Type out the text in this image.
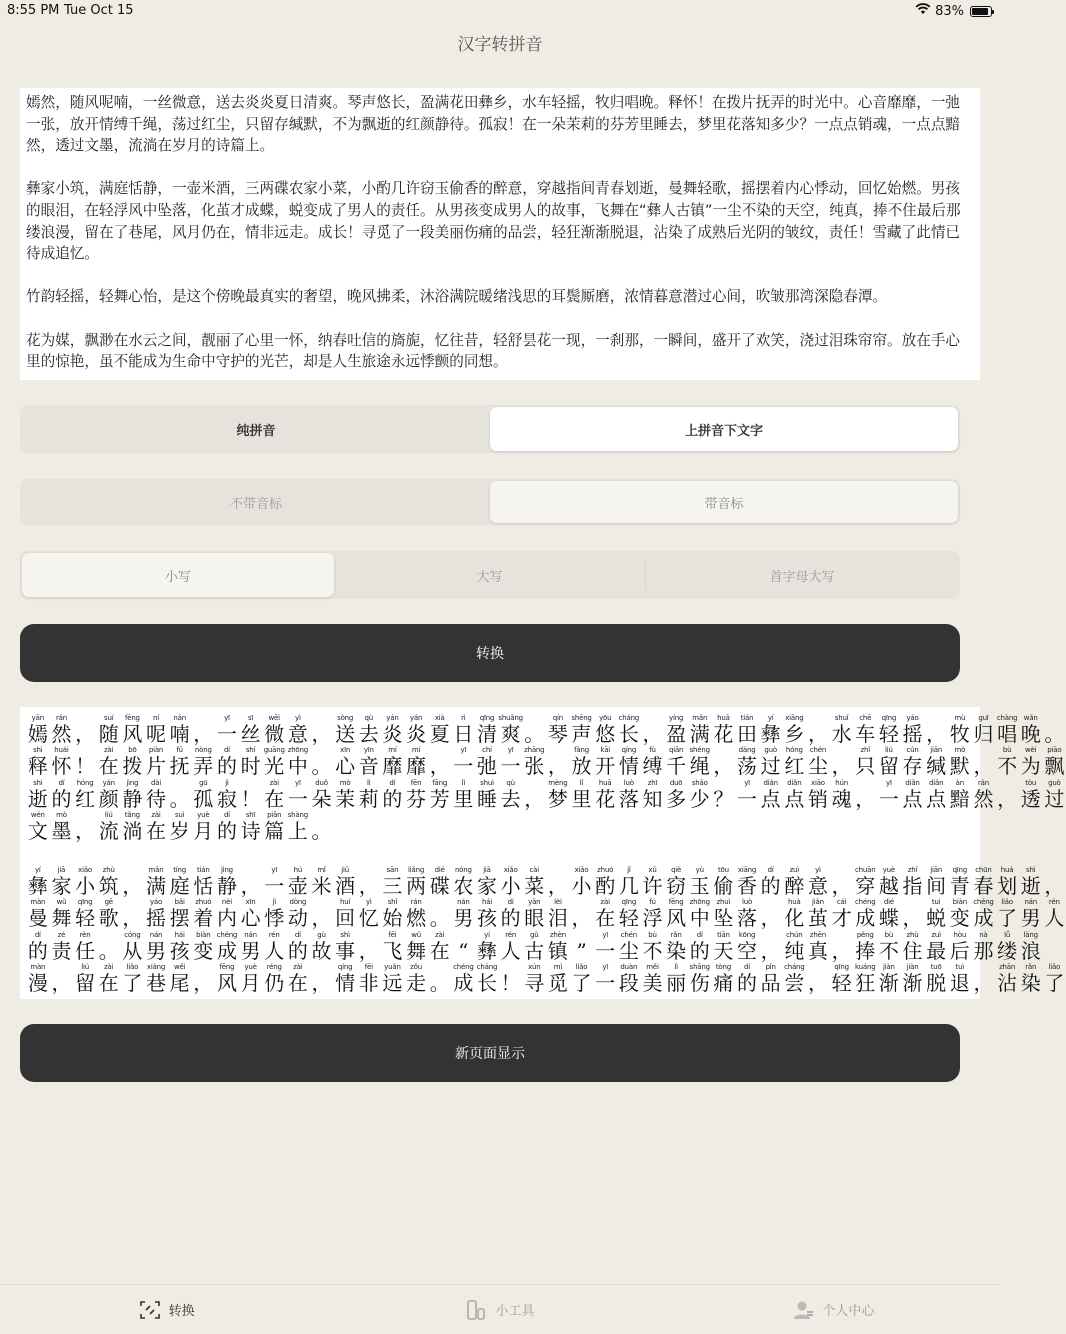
8:55 PM Tue Oct 15	83%
汉字转拼音

嫣然，随风呢喃，一丝微意，送去炎炎夏日清爽。琴声悠长，盈满花田彝乡，水车轻摇，牧归唱晚。释怀！在拨片抚弄的时光中。心音靡靡，一弛一张，放开情缚千绳，荡过红尘，只留存缄默，不为飘逝的红颜静待。孤寂！在一朵茉莉的芬芳里睡去，梦里花落知多少？一点点销魂，一点点黯然，透过文墨，流淌在岁月的诗篇上。

彝家小筑，满庭恬静，一壶米酒，三两碟农家小菜，小酌几许窃玉偷香的醉意，穿越指间青春划逝，曼舞轻歌，摇摆着内心悸动，回忆始燃。男孩的眼泪，在轻浮风中坠落，化茧才成蝶，蜕变成了男人的责任。从男孩变成男人的故事，飞舞在“彝人古镇”一尘不染的天空，纯真，捧不住最后那缕浪漫，留在了巷尾，风月仍在，情非远走。成长！寻觅了一段美丽伤痛的品尝，轻狂渐渐脱退，沾染了成熟后光阴的皱纹，责任！雪藏了此情已待成追忆。

竹韵轻摇，轻舞心怡，是这个傍晚最真实的奢望，晚风拂柔，沐浴满院暖绪浅思的耳鬓厮磨，浓情暮意潜过心间，吹皱那湾深隐春潭。

花为媒，飘渺在水云之间，靓丽了心里一怀，纳春吐信的旖旎，忆往昔，轻舒昙花一现，一刹那，一瞬间，盛开了欢笑，浇过泪珠帘帘。放在手心里的惊艳，虽不能成为生命中守护的光芒，却是人生旅途永远悸颤的同想。

纯拼音	上拼音下文字
不带音标	带音标
小写	大写	首字母大写
转换
yān
嫣
rán
然 ，
suí
随
fēng
风
ní
呢
nán
喃 ，
yī
一
sī
丝
wēi
微
yì
意 ，
sòng
送
qù
去
yán
炎
yán
炎
xià
夏
rì
日
qīng
清
shuǎng
爽 。
qín
琴
shēng
声
yōu
悠
cháng
长 ，
yíng
盈
mǎn
满
huā
花
tián
田
yí
彝
xiāng
乡 ，
shuǐ
水
chē
车
qīng
轻
yáo
摇 ，
mù
牧
guī
归
chàng
唱
wǎn
晚 。
shì
释
huái
怀 ！
zài
在
bō
拨
piàn
片
fǔ
抚
nòng
弄
dí
的
shí
时
guāng
光
zhōng
中 。
xīn
心
yīn
音
mí
靡
mí
靡 ，
yī
一
chí
弛
yī
一
zhāng
张 ，
fàng
放
kāi
开
qíng
情
fù
缚
qiān
千
shéng
绳 ，
dàng
荡
guò
过
hóng
红
chén
尘 ，
zhǐ
只
liú
留
cún
存
jiān
缄
mò
默 ，
bù
不
wèi
为
piāo
飘
shì
逝
dí
的
hóng
红
yán
颜
jìng
静
dài
待 。
gū
孤
jì
寂 ！
zài
在
yī
一
duǒ
朵
mò
茉
lì
莉
dí
的
fēn
芬
fāng
芳
lǐ
里
shuì
睡
qù
去 ，
mèng
梦
lǐ
里
huā
花
luò
落
zhī
知
duō
多
shǎo
少 ？
yī
一
diǎn
点
diǎn
点
xiāo
销
hún
魂 ，
yī
一
diǎn
点
diǎn
点
àn
黯
rán
然 ，
tòu
透
guò
过
wén
文
mò
墨 ，
liú
流
tǎng
淌
zài
在
suì
岁
yuè
月
dí
的
shī
诗
piān
篇
shàng
上 。
yí
彝
jiā
家
xiǎo
小
zhù
筑 ，
mǎn
满
tíng
庭
tián
恬
jìng
静 ，
yī
一
hú
壶
mǐ
米
jiǔ
酒 ，
sān
三
liǎng
两
dié
碟
nóng
农
jiā
家
xiǎo
小
cài
菜 ，
xiǎo
小
zhuó
酌
jǐ
几
xǔ
许
qiè
窃
yù
玉
tōu
偷
xiāng
香
dí
的
zuì
醉
yì
意 ，
chuān
穿
yuè
越
zhǐ
指
jiān
间
qīng
青
chūn
春
huá
划
shì
逝 ，
màn
曼
wǔ
舞
qīng
轻
gē
歌 ，
yáo
摇
bǎi
摆
zhuó
着
nèi
内
xīn
心
jì
悸
dòng
动 ，
huí
回
yì
忆
shǐ
始
rán
燃 。
nán
男
hái
孩
dí
的
yǎn
眼
lèi
泪 ，
zài
在
qīng
轻
fú
浮
fēng
风
zhōng
中
zhuì
坠
luò
落 ，
huà
化
jiǎn
茧
cái
才
chéng
成
dié
蝶 ，
tuì
蜕
biàn
变
chéng
成
liǎo
了
nán
男
rén
人
dí
的
zé
责
rèn
任 。
cóng
从
nán
男
hái
孩
biàn
变
chéng
成
nán
男
rén
人
dí
的
gù
故
shì
事 ，
fēi
飞
wǔ
舞
zài
在 “
yí
彝
rén
人
gǔ
古
zhèn
镇 ”
yī
一
chén
尘
bù
不
rǎn
染
dí
的
tiān
天
kōng
空 ，
chún
纯
zhēn
真 ，
pěng
捧
bù
不
zhù
住
zuì
最
hòu
后
nà
那
lǚ
缕
làng
浪
màn
漫 ，
liú
留
zài
在
liǎo
了
xiàng
巷
wěi
尾 ，
fēng
风
yuè
月
réng
仍
zài
在 ，
qíng
情
fēi
非
yuǎn
远
zǒu
走 。
chéng
成
cháng
长 ！
xún
寻
mì
觅
liǎo
了
yī
一
duàn
段
měi
美
lì
丽
shāng
伤
tòng
痛
dí
的
pǐn
品
cháng
尝 ，
qīng
轻
kuáng
狂
jiàn
渐
jiàn
渐
tuō
脱
tuì
退 ，
zhān
沾
rǎn
染
liǎo
了
新页面显示
转换	小工具	个人中心
